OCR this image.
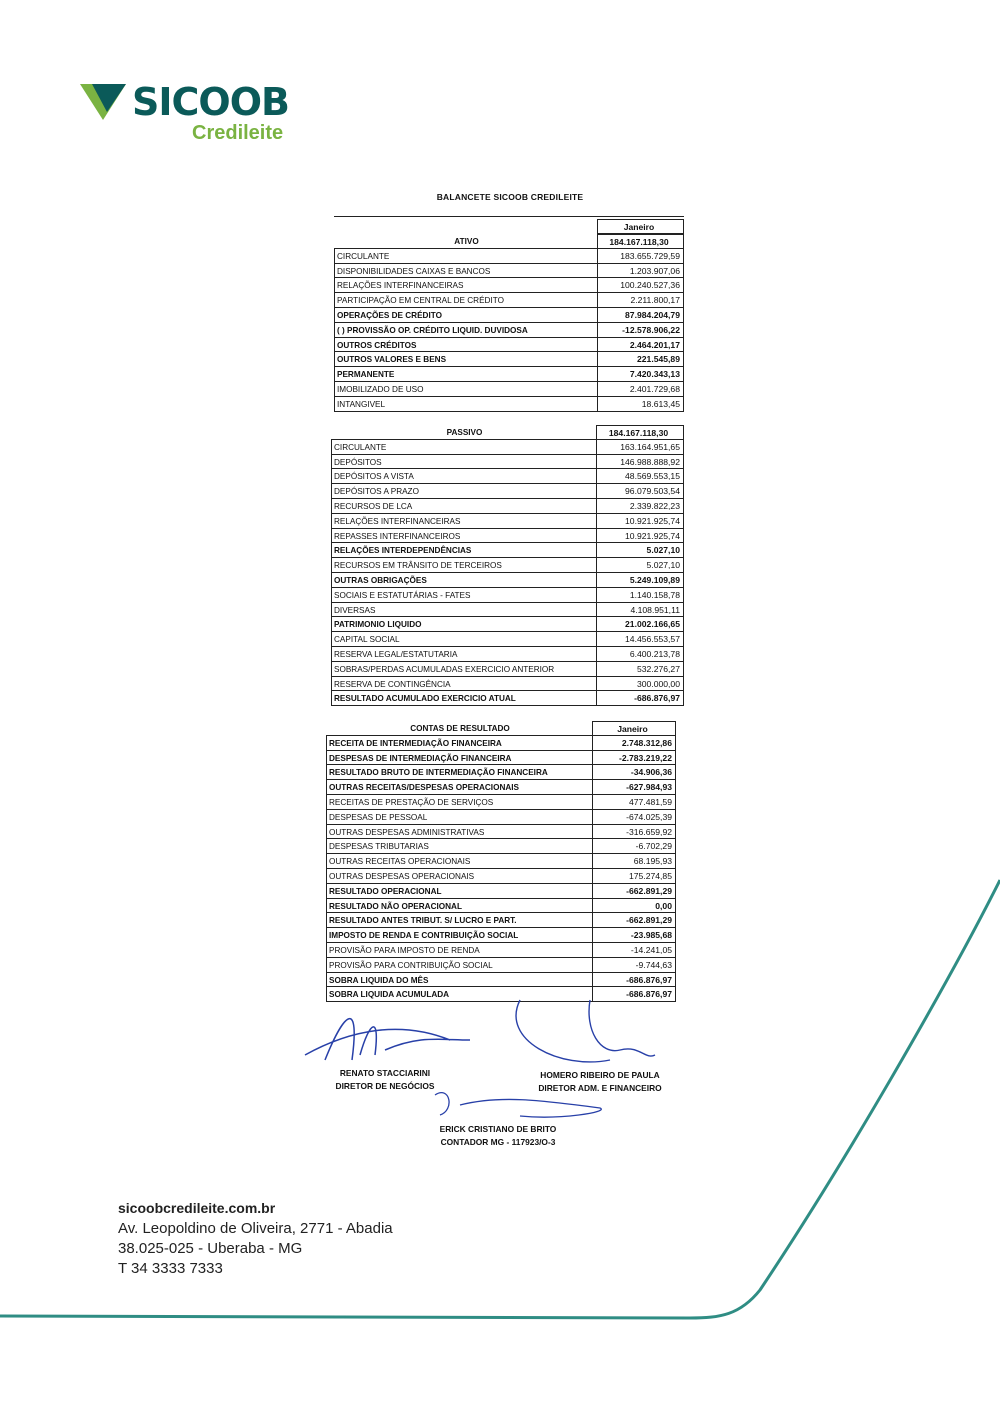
SICOOB
Credileite
BALANCETE SICOOB CREDILEITE
Janeiro
ATIVO	184.167.118,30
CIRCULANTE	183.655.729,59
DISPONIBILIDADES CAIXAS E BANCOS	1.203.907,06
RELAÇÕES INTERFINANCEIRAS	100.240.527,36
PARTICIPAÇÃO EM CENTRAL DE CRÉDITO	2.211.800,17
OPERAÇÕES DE CRÉDITO	87.984.204,79
( ) PROVISSÃO OP. CRÉDITO LIQUID. DUVIDOSA	-12.578.906,22
OUTROS CRÉDITOS	2.464.201,17
OUTROS VALORES E BENS	221.545,89
PERMANENTE	7.420.343,13
IMOBILIZADO DE USO	2.401.729,68
INTANGIVEL	18.613,45
PASSIVO	184.167.118,30
CIRCULANTE	163.164.951,65
DEPÓSITOS	146.988.888,92
DEPÓSITOS A VISTA	48.569.553,15
DEPÓSITOS A PRAZO	96.079.503,54
RECURSOS DE LCA	2.339.822,23
RELAÇÕES INTERFINANCEIRAS	10.921.925,74
REPASSES INTERFINANCEIROS	10.921.925,74
RELAÇÕES INTERDEPENDÊNCIAS	5.027,10
RECURSOS EM TRÂNSITO DE TERCEIROS	5.027,10
OUTRAS OBRIGAÇÕES	5.249.109,89
SOCIAIS E ESTATUTÁRIAS - FATES	1.140.158,78
DIVERSAS	4.108.951,11
PATRIMONIO LIQUIDO	21.002.166,65
CAPITAL SOCIAL	14.456.553,57
RESERVA LEGAL/ESTATUTARIA	6.400.213,78
SOBRAS/PERDAS ACUMULADAS EXERCICIO ANTERIOR	532.276,27
RESERVA DE CONTINGÊNCIA	300.000,00
RESULTADO ACUMULADO EXERCICIO ATUAL	-686.876,97
CONTAS DE RESULTADO	Janeiro
RECEITA DE INTERMEDIAÇÃO FINANCEIRA	2.748.312,86
DESPESAS DE INTERMEDIAÇÃO FINANCEIRA	-2.783.219,22
RESULTADO BRUTO DE INTERMEDIAÇÃO FINANCEIRA	-34.906,36
OUTRAS RECEITAS/DESPESAS OPERACIONAIS	-627.984,93
RECEITAS DE PRESTAÇÃO DE SERVIÇOS	477.481,59
DESPESAS DE PESSOAL	-674.025,39
OUTRAS DESPESAS ADMINISTRATIVAS	-316.659,92
DESPESAS TRIBUTARIAS	-6.702,29
OUTRAS RECEITAS OPERACIONAIS	68.195,93
OUTRAS DESPESAS OPERACIONAIS	175.274,85
RESULTADO OPERACIONAL	-662.891,29
RESULTADO NÃO OPERACIONAL	0,00
RESULTADO ANTES TRIBUT. S/ LUCRO E PART.	-662.891,29
IMPOSTO DE RENDA E CONTRIBUIÇÃO SOCIAL	-23.985,68
PROVISÃO PARA IMPOSTO DE RENDA	-14.241,05
PROVISÃO PARA CONTRIBUIÇÃO SOCIAL	-9.744,63
SOBRA LIQUIDA DO MÊS	-686.876,97
SOBRA LIQUIDA ACUMULADA	-686.876,97
RENATO STACCIARINI
DIRETOR DE NEGÓCIOS
HOMERO RIBEIRO DE PAULA
DIRETOR ADM. E FINANCEIRO
ERICK CRISTIANO DE BRITO
CONTADOR MG - 117923/O-3
sicoobcredileite.com.br
Av. Leopoldino de Oliveira, 2771 - Abadia
38.025-025 - Uberaba - MG
T 34 3333 7333
